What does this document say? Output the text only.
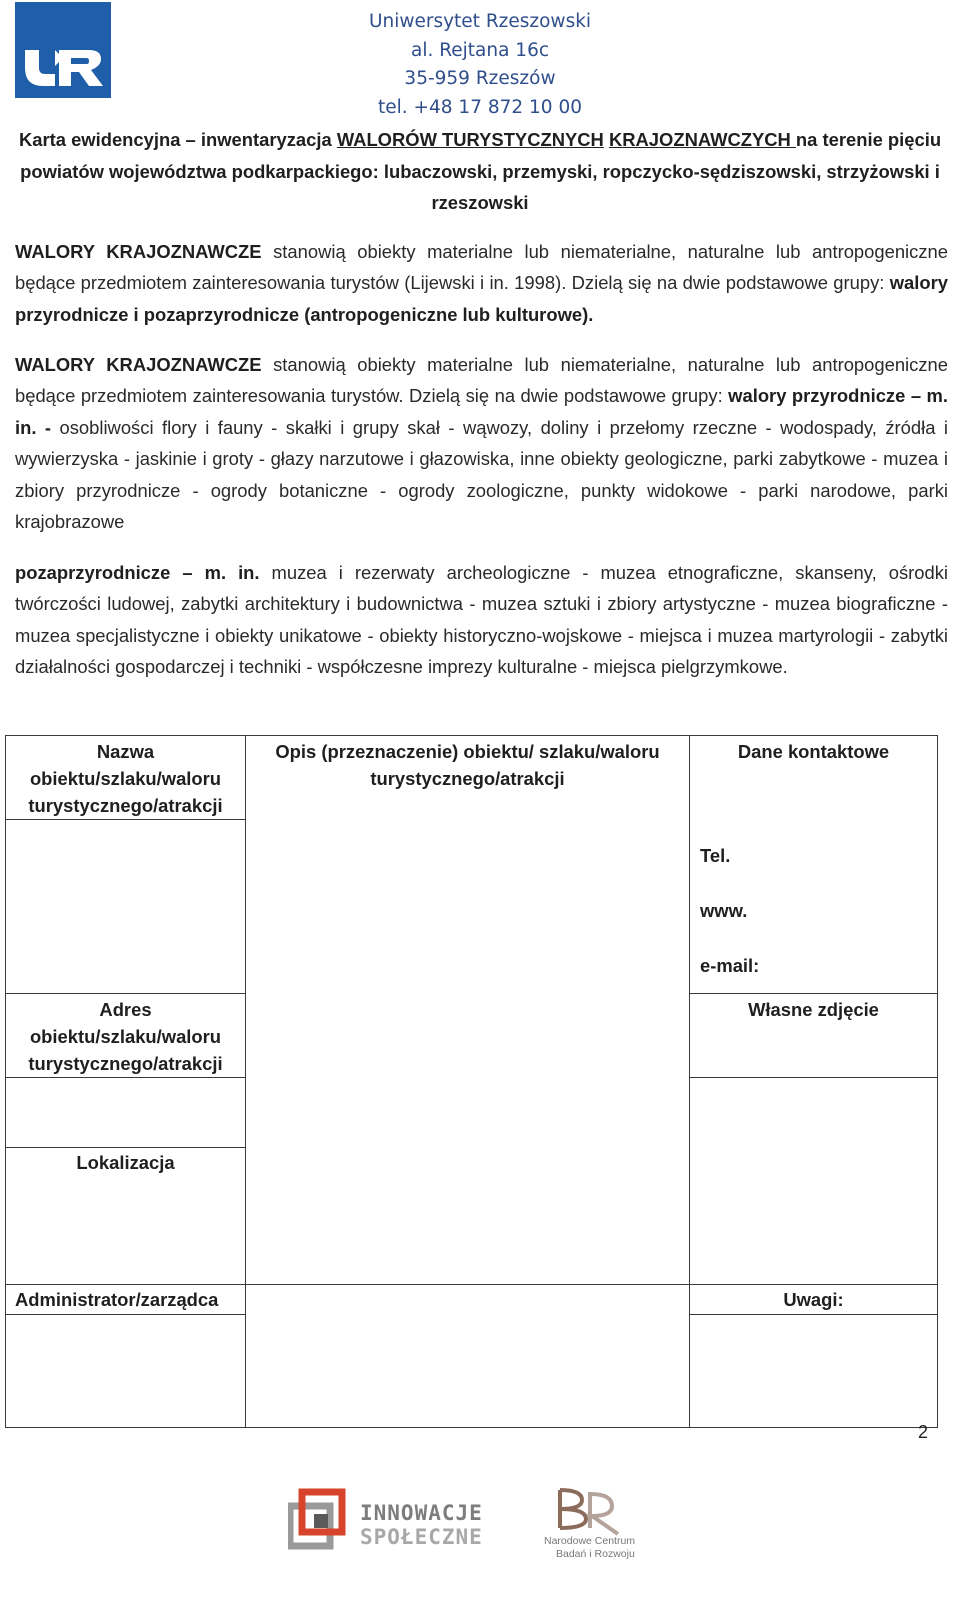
Uniwersytet Rzeszowski
al. Rejtana 16c
35-959 Rzeszów
tel. +48 17 872 10 00
Karta ewidencyjna – inwentaryzacja WALORÓW TURYSTYCZNYCH KRAJOZNAWCZYCH na terenie pięciu powiatów województwa podkarpackiego: lubaczowski, przemyski, ropczycko-sędziszowski, strzyżowski i rzeszowski
WALORY KRAJOZNAWCZE stanowią obiekty materialne lub niematerialne, naturalne lub antropogeniczne będące przedmiotem zainteresowania turystów (Lijewski i in. 1998). Dzielą się na dwie podstawowe grupy: walory przyrodnicze i pozaprzyrodnicze (antropogeniczne lub kulturowe).
WALORY KRAJOZNAWCZE stanowią obiekty materialne lub niematerialne, naturalne lub antropogeniczne będące przedmiotem zainteresowania turystów. Dzielą się na dwie podstawowe grupy: walory przyrodnicze – m. in. - osobliwości flory i fauny - skałki i grupy skał - wąwozy, doliny i przełomy rzeczne - wodospady, źródła i wywierzyska - jaskinie i groty - głazy narzutowe i głazowiska, inne obiekty geologiczne, parki zabytkowe - muzea i zbiory przyrodnicze - ogrody botaniczne - ogrody zoologiczne, punkty widokowe - parki narodowe, parki krajobrazowe
pozaprzyrodnicze – m. in. muzea i rezerwaty archeologiczne - muzea etnograficzne, skanseny, ośrodki twórczości ludowej, zabytki architektury i budownictwa - muzea sztuki i zbiory artystyczne - muzea biograficzne - muzea specjalistyczne i obiekty unikatowe - obiekty historyczno-wojskowe - miejsca i muzea martyrologii - zabytki działalności gospodarczej i techniki - współczesne imprezy kulturalne - miejsca pielgrzymkowe.
Nazwa obiektu/szlaku/waloru turystycznego/atrakcji	Opis (przeznaczenie) obiektu/ szlaku/waloru turystycznego/atrakcji	Dane kontaktowe

		Tel.
www.
e-mail:

Adres obiektu/szlaku/waloru turystycznego/atrakcji		Własne zdjęcie

Lokalizacja		

Administrator/zarządca		Uwagi:

2
INNOWACJE
SPOŁECZNE	Narodowe Centrum
Badań i Rozwoju
